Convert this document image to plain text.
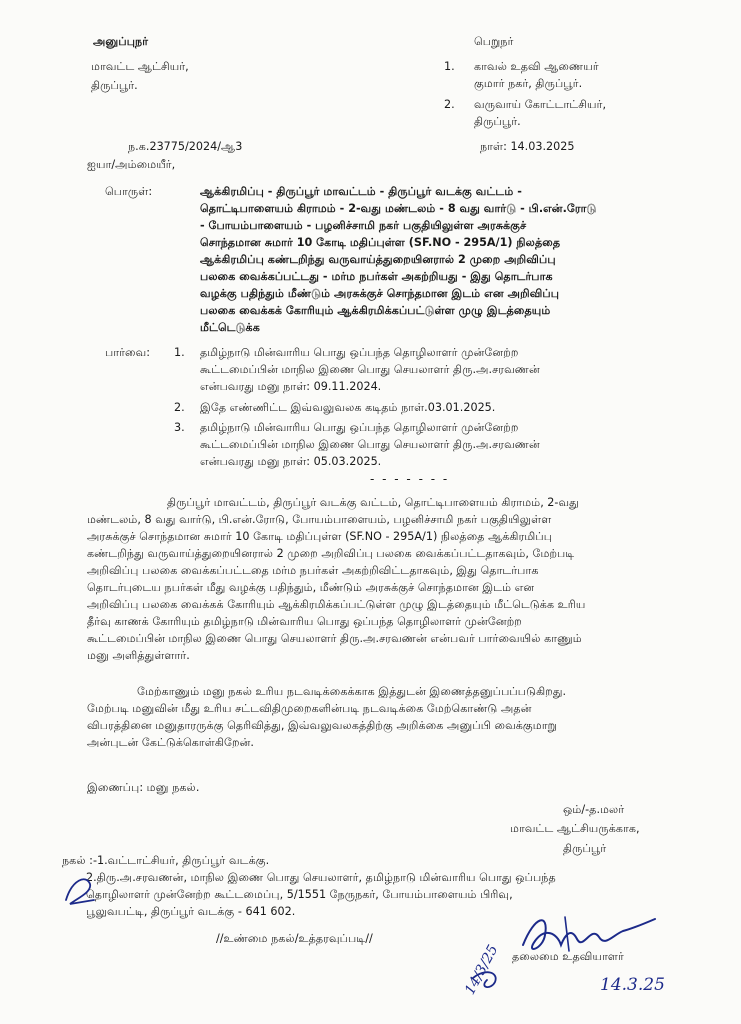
அனுப்புநர்
மாவட்ட ஆட்சியர்,
திருப்பூர்.
பெறுநர்
1. காவல் உதவி ஆணையர்
குமார் நகர், திருப்பூர்.
2. வருவாய் கோட்டாட்சியர்,
திருப்பூர்.
ந.க.23775/2024/ஆ3	நாள்: 14.03.2025
ஐயா/அம்மையீர்,
பொருள்:	ஆக்கிரமிப்பு - திருப்பூர் மாவட்டம் - திருப்பூர் வடக்கு வட்டம் -
தொட்டிபாளையம் கிராமம் - 2-வது மண்டலம் - 8 வது வார்டு - பி.என்.ரோடு
- போயம்பாளையம் - பழனிச்சாமி நகர் பகுதியிலுள்ள அரசுக்குச்
சொந்தமான சுமார் 10 கோடி மதிப்புள்ள (SF.NO - 295A/1) நிலத்தை
ஆக்கிரமிப்பு கண்டறிந்து வருவாய்த்துறையினரால் 2 முறை அறிவிப்பு
பலகை வைக்கப்பட்டது - மர்ம நபர்கள் அகற்றியது - இது தொடர்பாக
வழக்கு பதிந்தும் மீண்டும் அரசுக்குச் சொந்தமான இடம் என அறிவிப்பு
பலகை வைக்கக் கோரியும் ஆக்கிரமிக்கப்பட்டுள்ள முழு இடத்தையும்
மீட்டெடுக்க
பார்வை: 1. தமிழ்நாடு மின்வாரிய பொது ஒப்பந்த தொழிலாளர் முன்னேற்ற
கூட்டமைப்பின் மாநில இணை பொது செயலாளர் திரு.அ.சரவணன்
என்பவரது மனு நாள்: 09.11.2024.
2. இதே எண்ணிட்ட இவ்வலுவலக கடிதம் நாள்.03.01.2025.
3. தமிழ்நாடு மின்வாரிய பொது ஒப்பந்த தொழிலாளர் முன்னேற்ற
கூட்டமைப்பின் மாநில இணை பொது செயலாளர் திரு.அ.சரவணன்
என்பவரது மனு நாள்: 05.03.2025.
- - - - - - -
திருப்பூர் மாவட்டம், திருப்பூர் வடக்கு வட்டம், தொட்டிபாளையம் கிராமம், 2-வது
மண்டலம், 8 வது வார்டு, பி.என்.ரோடு, போயம்பாளையம், பழனிச்சாமி நகர் பகுதியிலுள்ள
அரசுக்குச் சொந்தமான சுமார் 10 கோடி மதிப்புள்ள (SF.NO - 295A/1) நிலத்தை ஆக்கிரமிப்பு
கண்டறிந்து வருவாய்த்துறையினரால் 2 முறை அறிவிப்பு பலகை வைக்கப்பட்டதாகவும், மேற்படி
அறிவிப்பு பலகை வைக்கப்பட்டதை மர்ம நபர்கள் அகற்றிவிட்டதாகவும், இது தொடர்பாக
தொடர்புடைய நபர்கள் மீது வழக்கு பதிந்தும், மீண்டும் அரசுக்குச் சொந்தமான இடம் என
அறிவிப்பு பலகை வைக்கக் கோரியும் ஆக்கிரமிக்கப்பட்டுள்ள முழு இடத்தையும் மீட்டெடுக்க உரிய
தீர்வு காணக் கோரியும் தமிழ்நாடு மின்வாரிய பொது ஒப்பந்த தொழிலாளர் முன்னேற்ற
கூட்டமைப்பின் மாநில இணை பொது செயலாளர் திரு.அ.சரவணன் என்பவர் பார்வையில் காணும்
மனு அளித்துள்ளார்.
மேற்காணும் மனு நகல் உரிய நடவடிக்கைக்காக இத்துடன் இணைத்தனுப்பப்படுகிறது.
மேற்படி மனுவின் மீது உரிய சட்டவிதிமுறைகளின்படி நடவடிக்கை மேற்கொண்டு அதன்
விபரத்தினை மனுதாரருக்கு தெரிவித்து, இவ்வலுவலகத்திற்கு அறிக்கை அனுப்பி வைக்குமாறு
அன்புடன் கேட்டுக்கொள்கிறேன்.
இணைப்பு: மனு நகல்.
ஒம்/-த.மலர்
மாவட்ட ஆட்சியருக்காக,
திருப்பூர்
நகல் :-1.வட்டாட்சியர், திருப்பூர் வடக்கு.
2.திரு.அ.சரவணன், மாநில இணை பொது செயலாளர், தமிழ்நாடு மின்வாரிய பொது ஒப்பந்த
தொழிலாளர் முன்னேற்ற கூட்டமைப்பு, 5/1551 நேருநகர், போயம்பாளையம் பிரிவு,
பூலுவபட்டி, திருப்பூர் வடக்கு - 641 602.
//உண்மை நகல்/உத்தரவுப்படி//
தலைமை உதவியாளர்
14.3.25
14/3/25
